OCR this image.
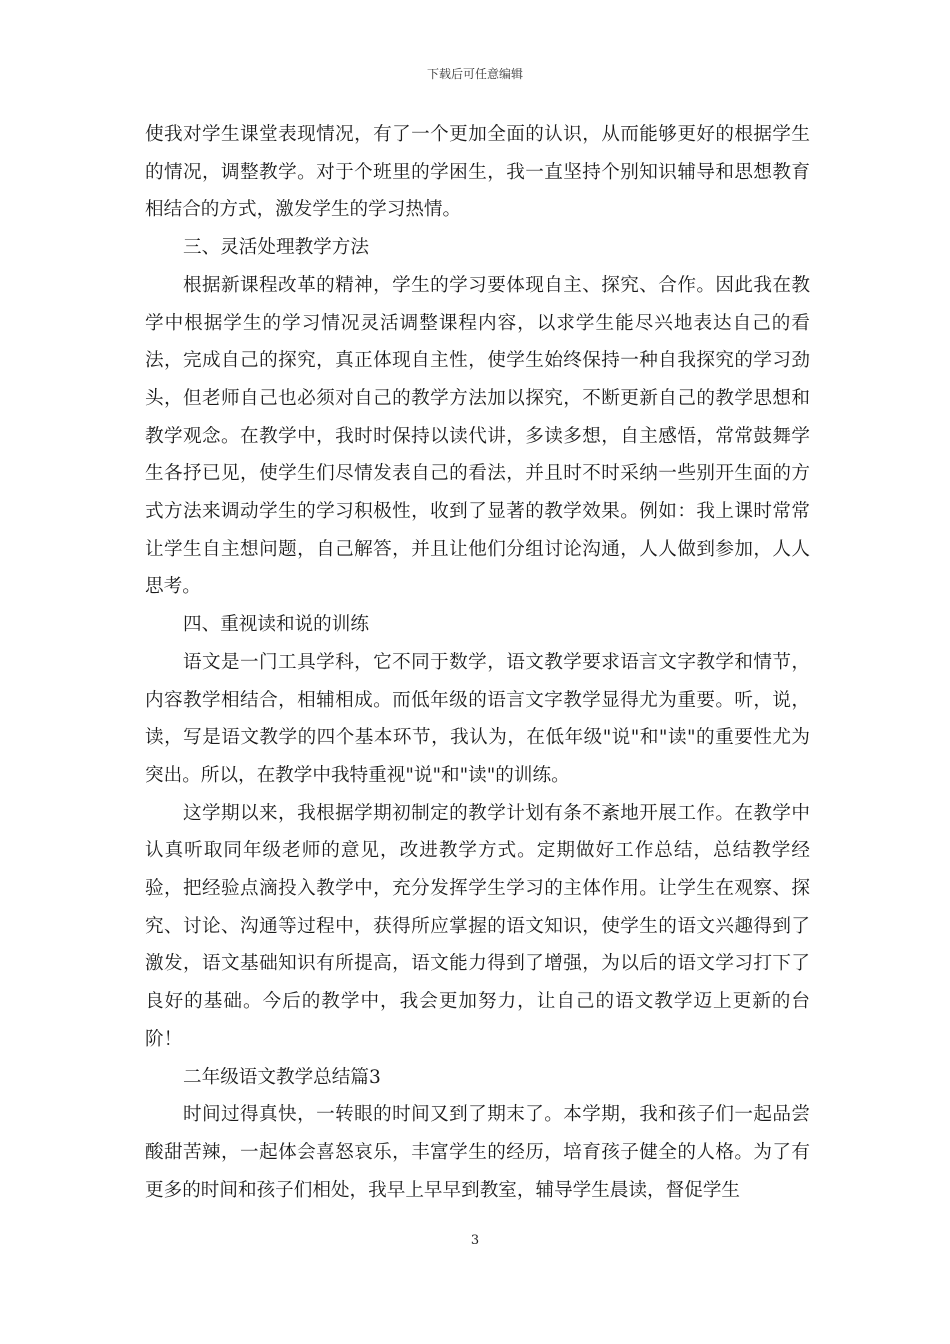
下载后可任意编辑

使我对学生课堂表现情况，有了一个更加全面的认识，从而能够更好的根据学生的情况，调整教学。对于个班里的学困生，我一直坚持个别知识辅导和思想教育相结合的方式，激发学生的学习热情。

三、灵活处理教学方法

根据新课程改革的精神，学生的学习要体现自主、探究、合作。因此我在教学中根据学生的学习情况灵活调整课程内容，以求学生能尽兴地表达自己的看法，完成自己的探究，真正体现自主性，使学生始终保持一种自我探究的学习劲头，但老师自己也必须对自己的教学方法加以探究，不断更新自己的教学思想和教学观念。在教学中，我时时保持以读代讲，多读多想，自主感悟，常常鼓舞学生各抒已见，使学生们尽情发表自己的看法，并且时不时采纳一些别开生面的方式方法来调动学生的学习积极性，收到了显著的教学效果。例如：我上课时常常让学生自主想问题，自己解答，并且让他们分组讨论沟通，人人做到参加，人人思考。

四、重视读和说的训练

语文是一门工具学科，它不同于数学，语文教学要求语言文字教学和情节，内容教学相结合，相辅相成。而低年级的语言文字教学显得尤为重要。听，说，读，写是语文教学的四个基本环节，我认为，在低年级"说"和"读"的重要性尤为突出。所以，在教学中我特重视"说"和"读"的训练。

这学期以来，我根据学期初制定的教学计划有条不紊地开展工作。在教学中认真听取同年级老师的意见，改进教学方式。定期做好工作总结，总结教学经验，把经验点滴投入教学中，充分发挥学生学习的主体作用。让学生在观察、探究、讨论、沟通等过程中，获得所应掌握的语文知识，使学生的语文兴趣得到了激发，语文基础知识有所提高，语文能力得到了增强，为以后的语文学习打下了良好的基础。今后的教学中，我会更加努力，让自己的语文教学迈上更新的台阶！

二年级语文教学总结篇3

时间过得真快，一转眼的时间又到了期末了。本学期，我和孩子们一起品尝酸甜苦辣，一起体会喜怒哀乐，丰富学生的经历，培育孩子健全的人格。为了有更多的时间和孩子们相处，我早上早早到教室，辅导学生晨读，督促学生

3
